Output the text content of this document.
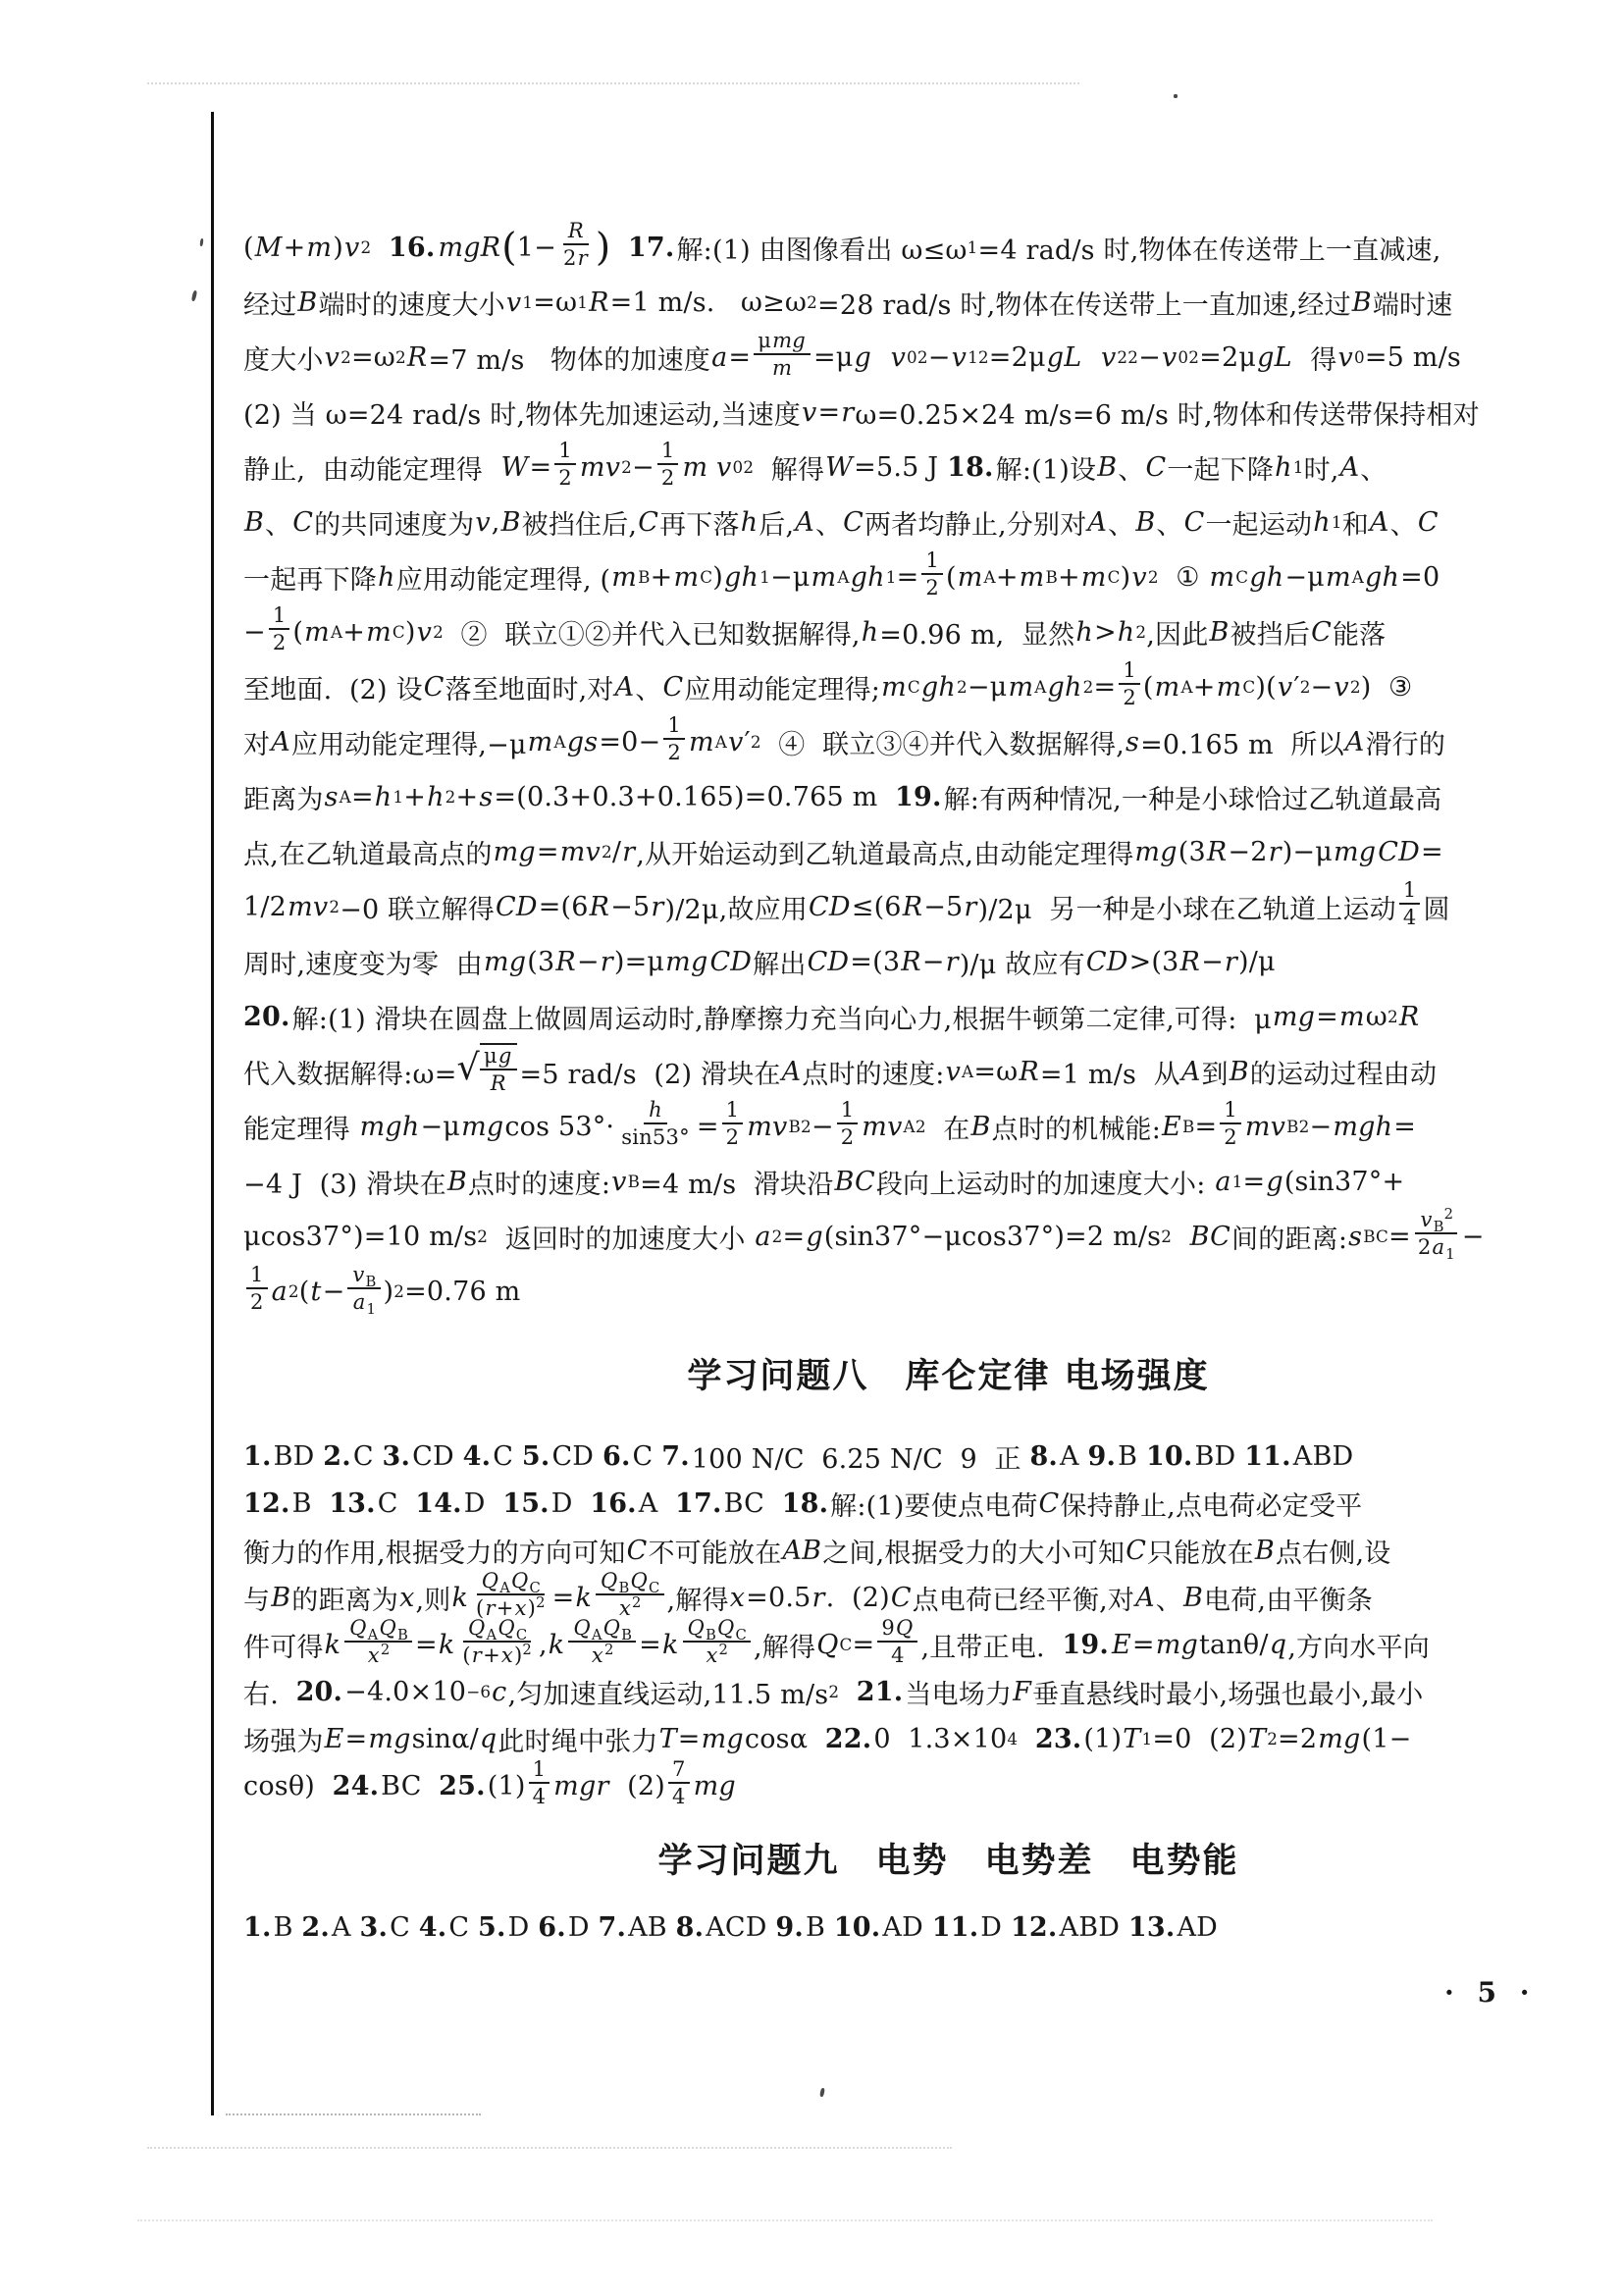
( M + m ) v 2
16. mgR ( 1−
R
2r )
17. 解:(1) 由图像看出 ω≤ω 1 =4 rad/s 时,物体在传送带上一直减速,
经过 B 端时的速度大小 v 1 =ω 1 R =1 m/s.   ω≥ω 2 =28 rad/s 时,物体在传送带上一直加速,经过 B 端时速
度大小 v 2 =ω 2 R =7 m/s   物体的加速度 a =
μmg
m =μ g
v 0 2 − v 1 2 =2μ gL
v 2 2 − v 0 2 =2μ gL 得 v 0 =5 m/s
(2) 当 ω=24 rad/s 时,物体先加速运动,当速度 v = r ω=0.25×24 m/s=6 m/s 时,物体和传送带保持相对
静止,  由动能定理得 W =
1
2 mv 2 −
1
2 m v 0 2 解得 W =5.5 J 18. 解:(1)设 B 、 C 一起下降 h 1 时, A 、
B 、 C 的共同速度为 v , B 被挡住后, C 再下落 h 后, A 、 C 两者均静止,分别对 A 、 B 、 C 一起运动 h 1 和 A 、 C
一起再下降 h 应用动能定理得, ( m B + m C ) gh 1 −μ m A gh 1 =
1
2 ( m A + m B + m C ) v 2 ① m C gh −μ m A gh =0
−
1
2 ( m A + m C ) v 2 ②  联立①②并代入已知数据解得, h =0.96 m,  显然 h > h 2 ,因此 B 被挡后 C 能落
至地面.  (2) 设 C 落至地面时,对 A 、 C 应用动能定理得; m C gh 2 −μ m A gh 2 =
1
2 ( m A + m C )( v ′ 2 − v 2 )  ③
对 A 应用动能定理得,−μ m A gs =0−
1
2 m A v ′ 2 ④  联立③④并代入数据解得, s =0.165 m  所以 A 滑行的
距离为 s A = h 1 + h 2 + s =(0.3+0.3+0.165)=0.765 m 19. 解:有两种情况,一种是小球恰过乙轨道最高
点,在乙轨道最高点的 mg = mv 2 / r ,从开始运动到乙轨道最高点,由动能定理得 mg (3 R −2 r )−μ mg CD =
1/2 mv 2 −0 联立解得 CD =(6 R −5 r )/2μ,故应用 CD ≤(6 R −5 r )/2μ  另一种是小球在乙轨道上运动
1
4 圆
周时,速度变为零  由 mg (3 R − r )=μ mg CD 解出 CD =(3 R − r )/μ 故应有 CD >(3 R − r )/μ
20. 解:(1) 滑块在圆盘上做圆周运动时,静摩擦力充当向心力,根据牛顿第二定律,可得:  μ mg = m ω 2 R
代入数据解得:ω= √ μg
R =5 rad/s  (2) 滑块在 A 点时的速度: v A =ω R =1 m/s  从 A 到 B 的运动过程由动
能定理得 mgh −μ mg cos 53°·
h
sin53° =
1
2 mv B 2 −
1
2 mv A 2 在 B 点时的机械能: E B =
1
2 mv B 2 − mgh =
−4 J  (3) 滑块在 B 点时的速度: v B =4 m/s  滑块沿 BC 段向上运动时的加速度大小: a 1 = g (sin37°+
μcos37°)=10 m/s 2 返回时的加速度大小 a 2 = g (sin37°−μcos37°)=2 m/s 2
BC 间的距离: s BC =
$v_B^2$
$2a_1$
−
1
2 a 2 ( t −
$v_B$
$a_1$
) 2 =0.76 m
学习问题八　库仑定律 电场强度
1. BD 2. C 3. CD 4. C 5. CD 6. C 7. 100 N/C  6.25 N/C  9  正 8. A 9. B 10. BD 11. ABD
12. B 13. C 14. D 15. D 16. A 17. BC 18. 解:(1)要使点电荷 C 保持静止,点电荷必定受平
衡力的作用,根据受力的方向可知 C 不可能放在 AB 之间,根据受力的大小可知 C 只能放在 B 点右侧,设
与 B 的距离为 x ,则 k
$Q_AQ_C$
$(r+x)^2 = k$
$Q_BQ_C$
$x^2$ ,解得 x =0.5 r .  (2) C 点电荷已经平衡,对 A 、 B 电荷,由平衡条
件可得 k
$Q_AQ_B$
$x^2 = k$
$Q_AQ_C$
$(r+x)^2$ , k
$Q_AQ_B$
$x^2 = k$
$Q_BQ_C$
$x^2$ ,解得 Q C =
9Q
4 ,且带正电. 19. E = mg tanθ/ q ,方向水平向
右. 20. −4.0×10 −6 c ,匀加速直线运动,11.5 m/s 2
21. 当电场力 F 垂直悬线时最小,场强也最小,最小
场强为 E = mg sinα/ q 此时绳中张力 T = mg cosα 22. 0  1.3×10 4
23. (1) T 1 =0  (2) T 2 =2 mg (1−
cosθ) 24. BC 25. (1)
1
4 mgr (2)
7
4 mg
学习问题九　电势　电势差　电势能
1. B 2. A 3. C 4. C 5. D 6. D 7. AB 8. ACD 9. B 10. AD 11. D 12. ABD 13. AD
· 5 ·
